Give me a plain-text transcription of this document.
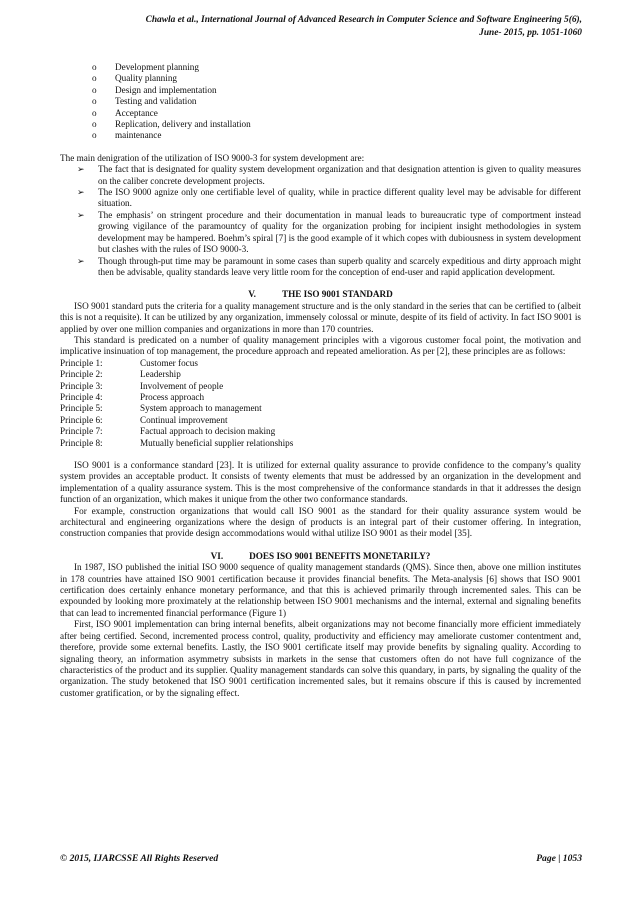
Chawla et al., International Journal of Advanced Research in Computer Science and Software Engineering 5(6),
June- 2015, pp. 1051-1060
o Development planning
o Quality planning
o Design and implementation
o Testing and validation
o Acceptance
o Replication, delivery and installation
o maintenance

The main denigration of the utilization of ISO 9000-3 for system development are:

➢ The fact that is designated for quality system development organization and that designation attention is given to quality measures on the caliber concrete development projects.
➢ The ISO 9000 agnize only one certifiable level of quality, while in practice different quality level may be advisable for different situation.
➢ The emphasis’ on stringent procedure and their documentation in manual leads to bureaucratic type of comportment instead growing vigilance of the paramountcy of quality for the organization probing for incipient insight methodologies in system development may be hampered. Boehm’s spiral [7] is the good example of it which copes with dubiousness in system development but clashes with the rules of ISO 9000-3.
➢ Though through-put time may be paramount in some cases than superb quality and scarcely expeditious and dirty approach might then be advisable, quality standards leave very little room for the conception of end-user and rapid application development.

V.	THE ISO 9001 STANDARD

ISO 9001 standard puts the criteria for a quality management structure and is the only standard in the series that can be certified to (albeit this is not a requisite). It can be utilized by any organization, immensely colossal or minute, despite of its field of activity. In fact ISO 9001 is applied by over one million companies and organizations in more than 170 countries.

This standard is predicated on a number of quality management principles with a vigorous customer focal point, the motivation and implicative insinuation of top management, the procedure approach and repeated amelioration. As per [2], these principles are as follows:

Principle 1:	Customer focus
Principle 2:	Leadership
Principle 3:	Involvement of people
Principle 4:	Process approach
Principle 5:	System approach to management
Principle 6:	Continual improvement
Principle 7:	Factual approach to decision making
Principle 8:	Mutually beneficial supplier relationships

ISO 9001 is a conformance standard [23]. It is utilized for external quality assurance to provide confidence to the company’s quality system provides an acceptable product. It consists of twenty elements that must be addressed by an organization in the development and implementation of a quality assurance system. This is the most comprehensive of the conformance standards in that it addresses the design function of an organization, which makes it unique from the other two conformance standards.

For example, construction organizations that would call ISO 9001 as the standard for their quality assurance system would be architectural and engineering organizations where the design of products is an integral part of their customer offering. In integration, construction companies that provide design accommodations would withal utilize ISO 9001 as their model [35].

VI.	DOES ISO 9001 BENEFITS MONETARILY?

In 1987, ISO published the initial ISO 9000 sequence of quality management standards (QMS). Since then, above one million institutes in 178 countries have attained ISO 9001 certification because it provides financial benefits. The Meta-analysis [6] shows that ISO 9001 certification does certainly enhance monetary performance, and that this is achieved primarily through incremented sales. This can be expounded by looking more proximately at the relationship between ISO 9001 mechanisms and the internal, external and signaling benefits that can lead to incremented financial performance (Figure 1)

First, ISO 9001 implementation can bring internal benefits, albeit organizations may not become financially more efficient immediately after being certified. Second, incremented process control, quality, productivity and efficiency may ameliorate customer contentment and, therefore, provide some external benefits. Lastly, the ISO 9001 certificate itself may provide benefits by signaling quality. According to signaling theory, an information asymmetry subsists in markets in the sense that customers often do not have full cognizance of the characteristics of the product and its supplier. Quality management standards can solve this quandary, in parts, by signaling the quality of the organization. The study betokened that ISO 9001 certification incremented sales, but it remains obscure if this is caused by incremented customer gratification, or by the signaling effect.

© 2015, IJARCSSE All Rights Reserved	Page | 1053
